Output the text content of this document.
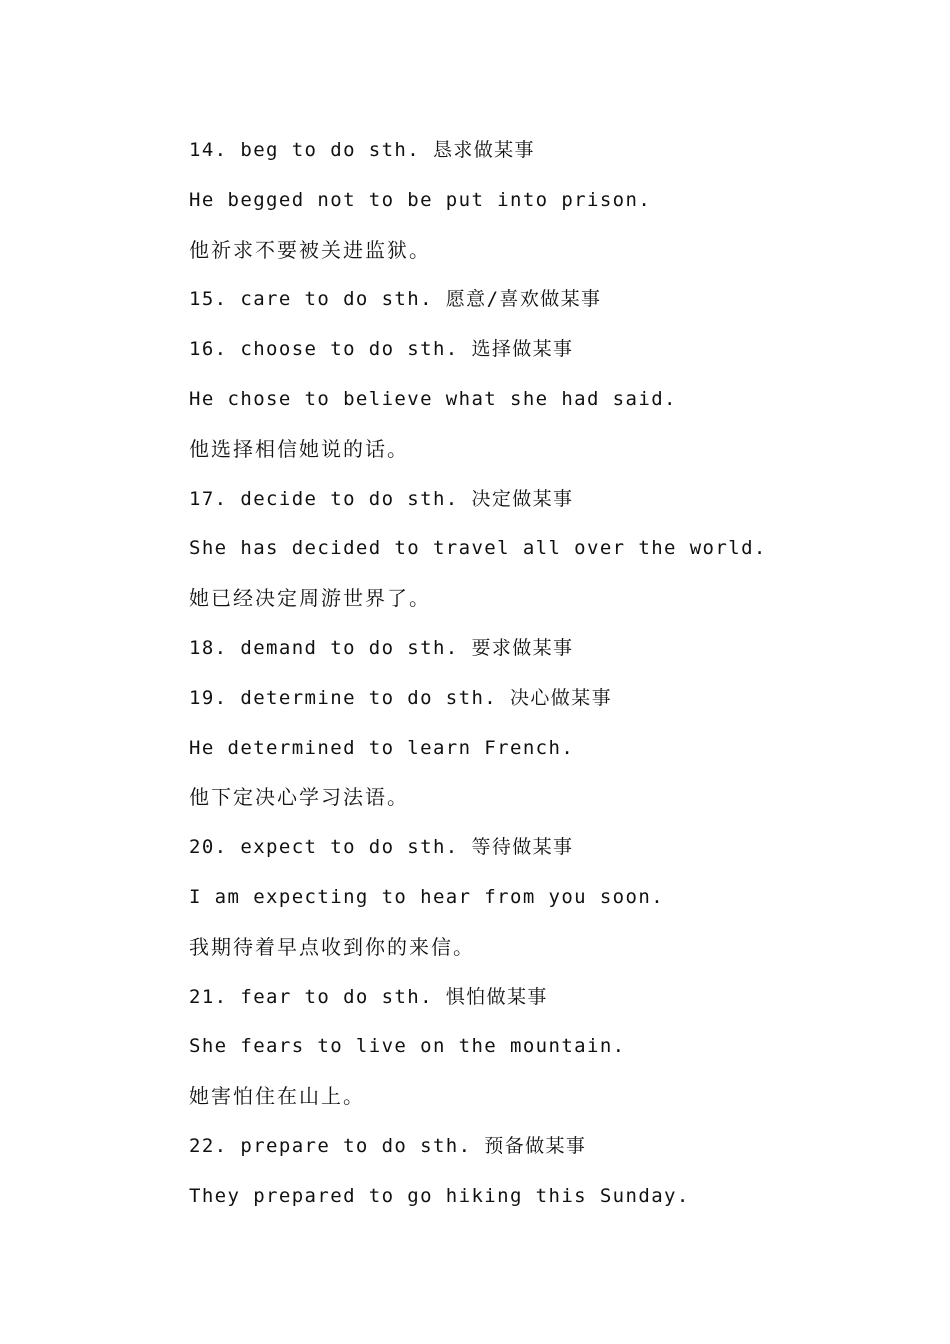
14. beg to do sth. 恳求做某事
He begged not to be put into prison.
他祈求不要被关进监狱。
15. care to do sth. 愿意/喜欢做某事
16. choose to do sth. 选择做某事
He chose to believe what she had said.
他选择相信她说的话。
17. decide to do sth. 决定做某事
She has decided to travel all over the world.
她已经决定周游世界了。
18. demand to do sth. 要求做某事
19. determine to do sth. 决心做某事
He determined to learn French.
他下定决心学习法语。
20. expect to do sth. 等待做某事
I am expecting to hear from you soon.
我期待着早点收到你的来信。
21. fear to do sth. 惧怕做某事
She fears to live on the mountain.
她害怕住在山上。
22. prepare to do sth. 预备做某事
They prepared to go hiking this Sunday.
